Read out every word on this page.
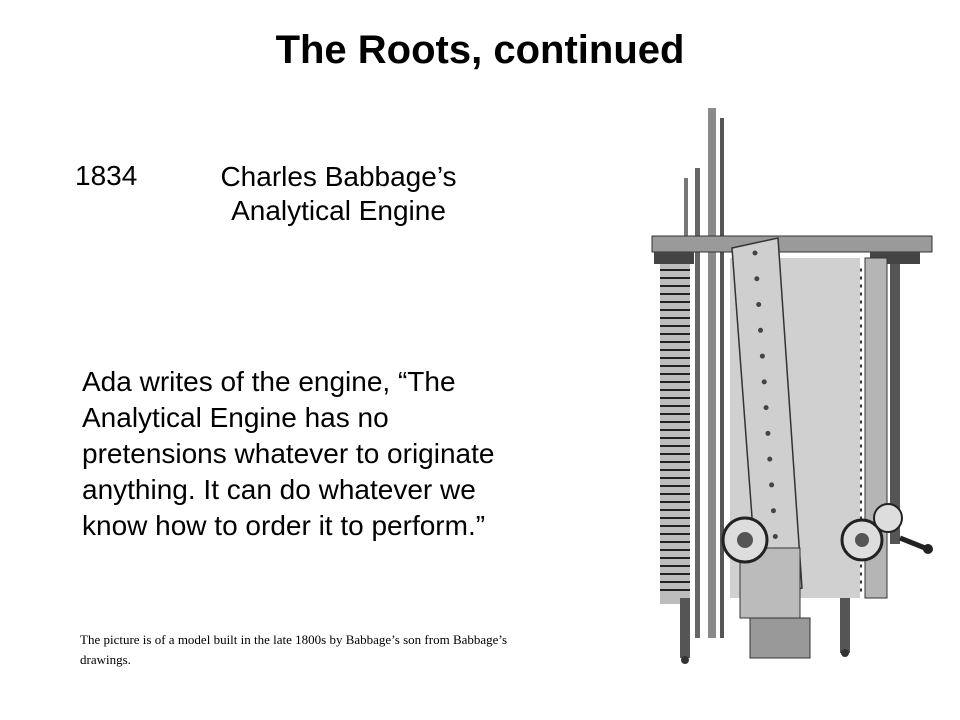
The Roots, continued
1834	Charles Babbage’s Analytical Engine
Ada writes of the engine, “The Analytical Engine has no pretensions whatever to originate anything. It can do whatever we know how to order it to perform.”
The picture is of a model built in the late 1800s by Babbage’s son from Babbage’s drawings.
